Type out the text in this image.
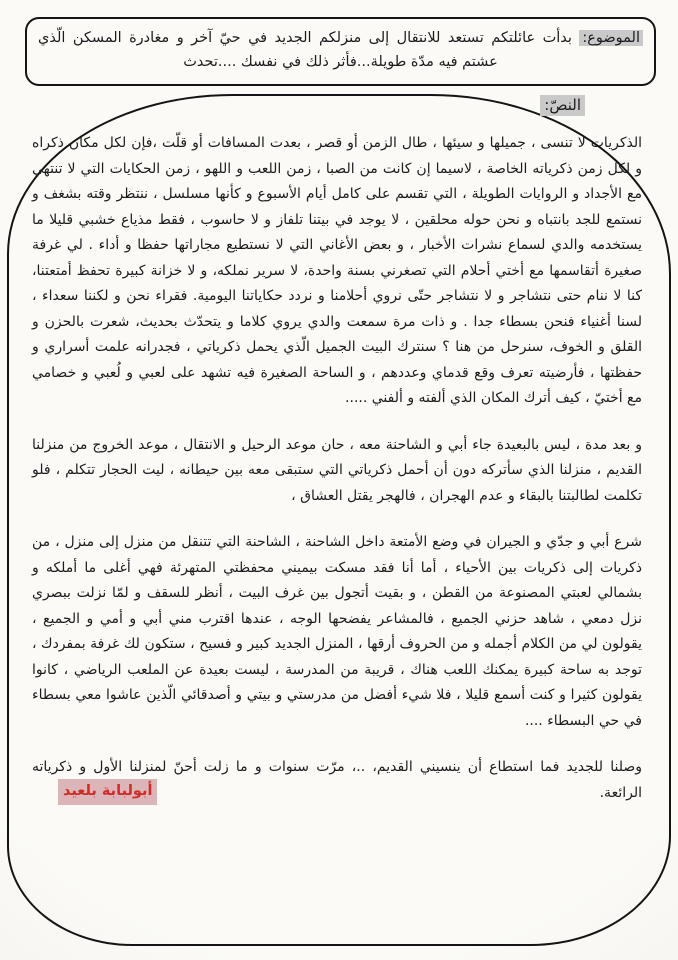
الموضوع: بدأت عائلتكم تستعد للانتقال إلى منزلكم الجديد في حيّ آخر و مغادرة المسكن الّذي عشتم فيه مدّة طويلة...فأثر ذلك في نفسك ....تحدث
النصّ:

الذكريات لا تنسى ، جميلها و سيئها ، طال الزمن أو قصر ، بعدت المسافات أو قلّت ،فإن لكل مكان ذكراه و لكل زمن ذكرياته الخاصة ، لاسيما إن كانت من الصبا ، زمن اللعب و اللهو ، زمن الحكايات التي لا تنتهي مع الأجداد و الروايات الطويلة ، التي تقسم على كامل أيام الأسبوع و كأنها مسلسل ، ننتظر وقته بشغف و نستمع للجد بانتباه و نحن حوله محلقين ، لا يوجد في بيتنا تلفاز و لا حاسوب ، فقط مذياع خشبي قليلا ما يستخدمه والدي لسماع نشرات الأخبار ، و بعض الأغاني التي لا نستطيع مجاراتها حفظا و أداء . لي غرفة صغيرة أتقاسمها مع أختي أحلام التي تصغرني بسنة واحدة، لا سرير نملكه، و لا خزانة كبيرة تحفظ أمتعتنا، كنا لا ننام حتى نتشاجر و لا نتشاجر حتّى نروي أحلامنا و نردد حكاياتنا اليومية. فقراء نحن و لكننا سعداء ، لسنا أغنياء فنحن بسطاء جدا . و ذات مرة سمعت والدي يروي كلاما و يتحدّث بحديث، شعرت بالحزن و القلق و الخوف، سنرحل من هنا ؟ سنترك البيت الجميل الّذي يحمل ذكرياتي ، فجدرانه علمت أسراري و حفظتها ، فأرضيته تعرف وقع قدماي وعددهم ، و الساحة الصغيرة فيه تشهد على لعبي و لُعبي و خصامي مع أختيّ ، كيف أترك المكان الذي ألفته و ألفني .....

و بعد مدة ، ليس بالبعيدة جاء أبي و الشاحنة معه ، حان موعد الرحيل و الانتقال ، موعد الخروج من منزلنا القديم ، منزلنا الذي سأتركه دون أن أحمل ذكرياتي التي ستبقى معه بين حيطانه ، ليت الحجار تتكلم ، فلو تكلمت لطالبتنا بالبقاء و عدم الهجران ، فالهجر يقتل العشاق ،

شرع أبي و جدّي و الجيران في وضع الأمتعة داخل الشاحنة ، الشاحنة التي تتنقل من منزل إلى منزل ، من ذكريات إلى ذكريات بين الأحياء ، أما أنا فقد مسكت بيميني محفظتي المتهرئة فهي أغلى ما أملكه و بشمالي لعبتي المصنوعة من القطن ، و بقيت أتجول بين غرف البيت ، أنظر للسقف و لمّا نزلت ببصري نزل دمعي ، شاهد حزني الجميع ، فالمشاعر يفضحها الوجه ، عندها اقترب مني أبي و أمي و الجميع ، يقولون لي من الكلام أجمله و من الحروف أرقها ، المنزل الجديد كبير و فسيح ، ستكون لك غرفة بمفردك ، توجد به ساحة كبيرة يمكنك اللعب هناك ، قريبة من المدرسة ، ليست بعيدة عن الملعب الرياضي ، كانوا يقولون كثيرا و كنت أسمع قليلا ، فلا شيء أفضل من مدرستي و بيتي و أصدقائي الّذين عاشوا معي بسطاء في حي البسطاء ....

وصلنا للجديد فما استطاع أن ينسيني القديم، ..، مرّت سنوات و ما زلت أحنّ لمنزلنا الأول و ذكرياته الرائعة.

أبولبابة بلعيد
